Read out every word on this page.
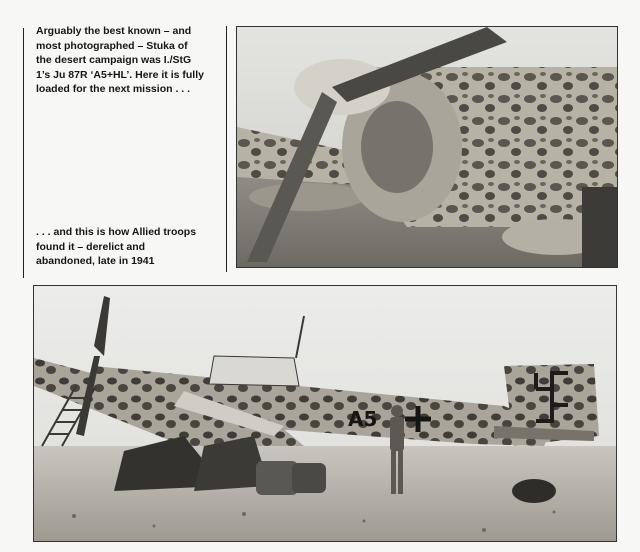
Arguably the best known – and most photographed – Stuka of the desert campaign was I./StG 1’s Ju 87R ‘A5+HL’. Here it is fully loaded for the next mission . . .
. . . and this is how Allied troops found it – derelict and abandoned, late in 1941
A5
